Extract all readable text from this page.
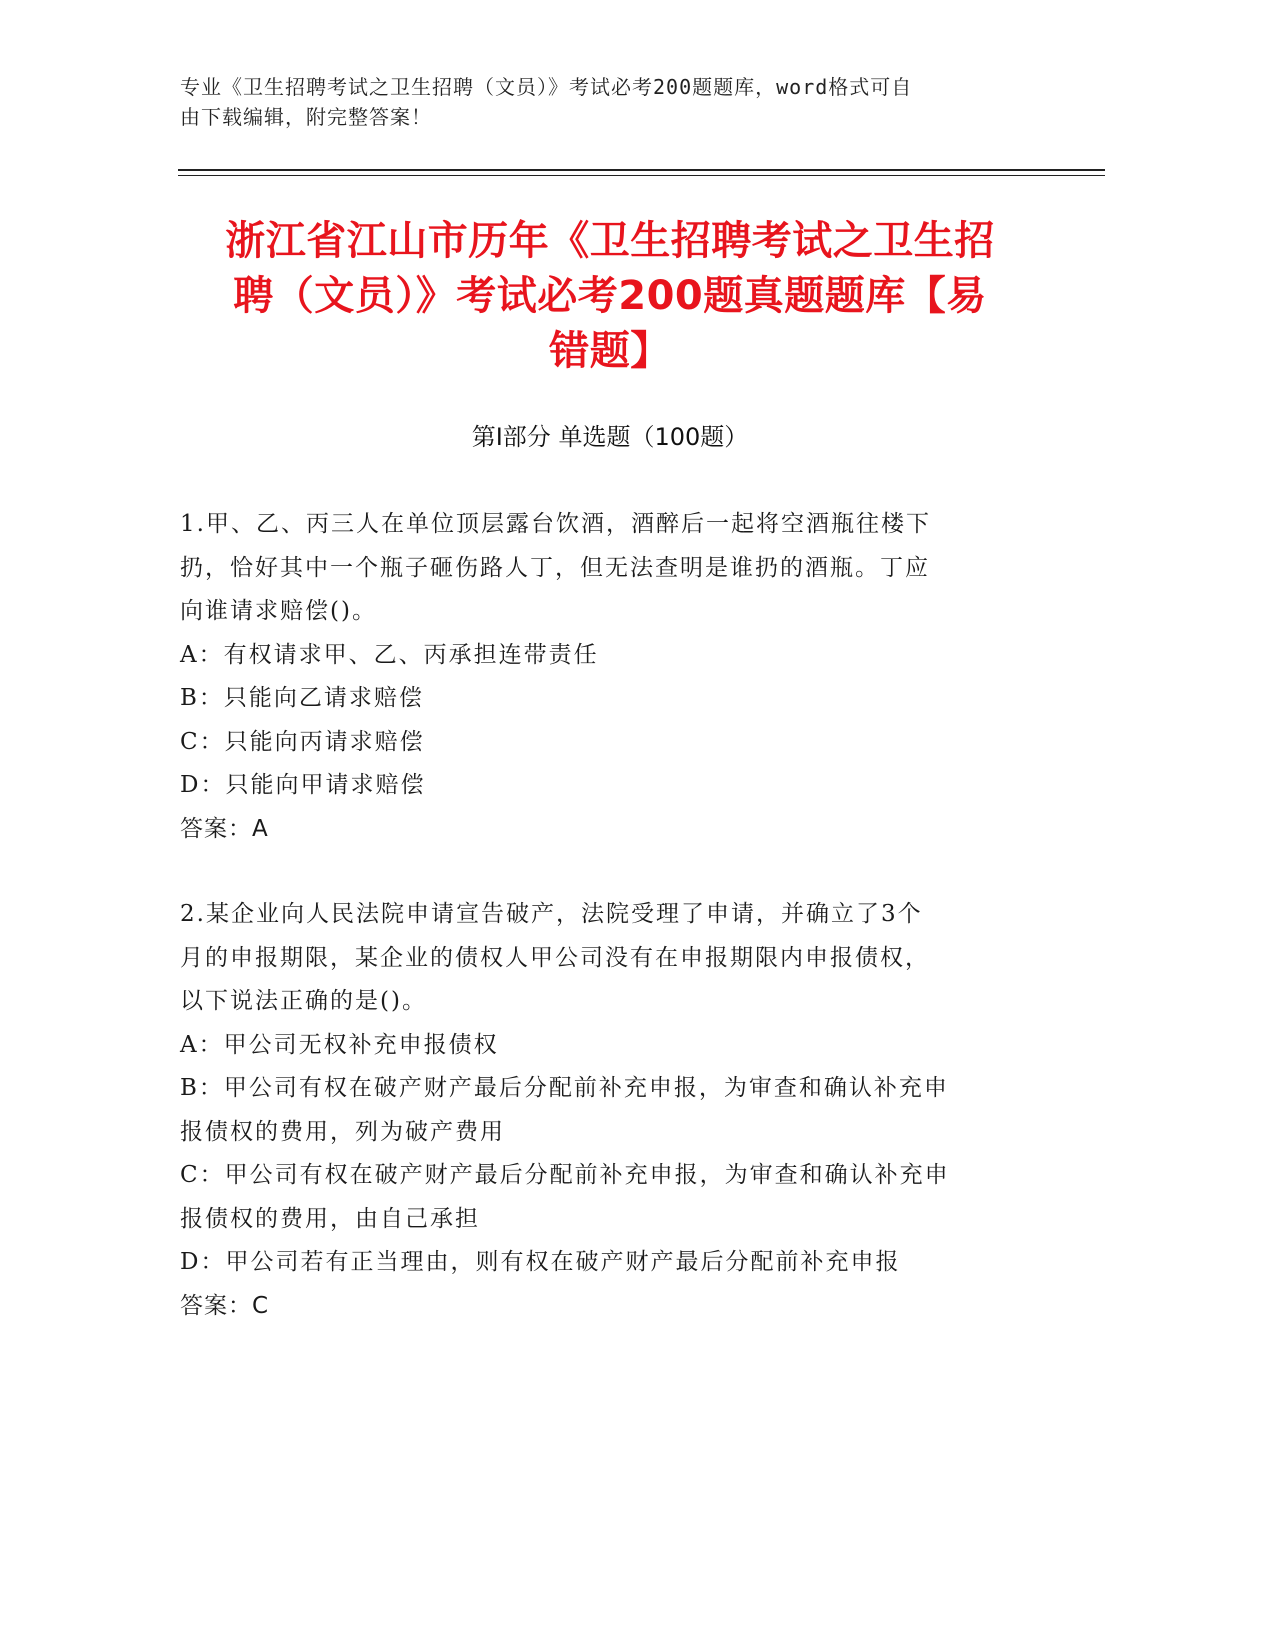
专业《卫生招聘考试之卫生招聘（文员）》考试必考200题题库，word格式可自
由下载编辑，附完整答案！
浙江省江山市历年《卫生招聘考试之卫生招
聘（文员）》考试必考200题真题题库【易
错题】
第Ⅰ部分 单选题（100题）
1.甲、乙、丙三人在单位顶层露台饮酒，酒醉后一起将空酒瓶往楼下
扔，恰好其中一个瓶子砸伤路人丁，但无法查明是谁扔的酒瓶。丁应
向谁请求赔偿()。
A：有权请求甲、乙、丙承担连带责任
B：只能向乙请求赔偿
C：只能向丙请求赔偿
D：只能向甲请求赔偿
答案：A
2.某企业向人民法院申请宣告破产，法院受理了申请，并确立了3个
月的申报期限，某企业的债权人甲公司没有在申报期限内申报债权，
以下说法正确的是()。
A：甲公司无权补充申报债权
B：甲公司有权在破产财产最后分配前补充申报，为审查和确认补充申
报债权的费用，列为破产费用
C：甲公司有权在破产财产最后分配前补充申报，为审查和确认补充申
报债权的费用，由自己承担
D：甲公司若有正当理由，则有权在破产财产最后分配前补充申报
答案：C
